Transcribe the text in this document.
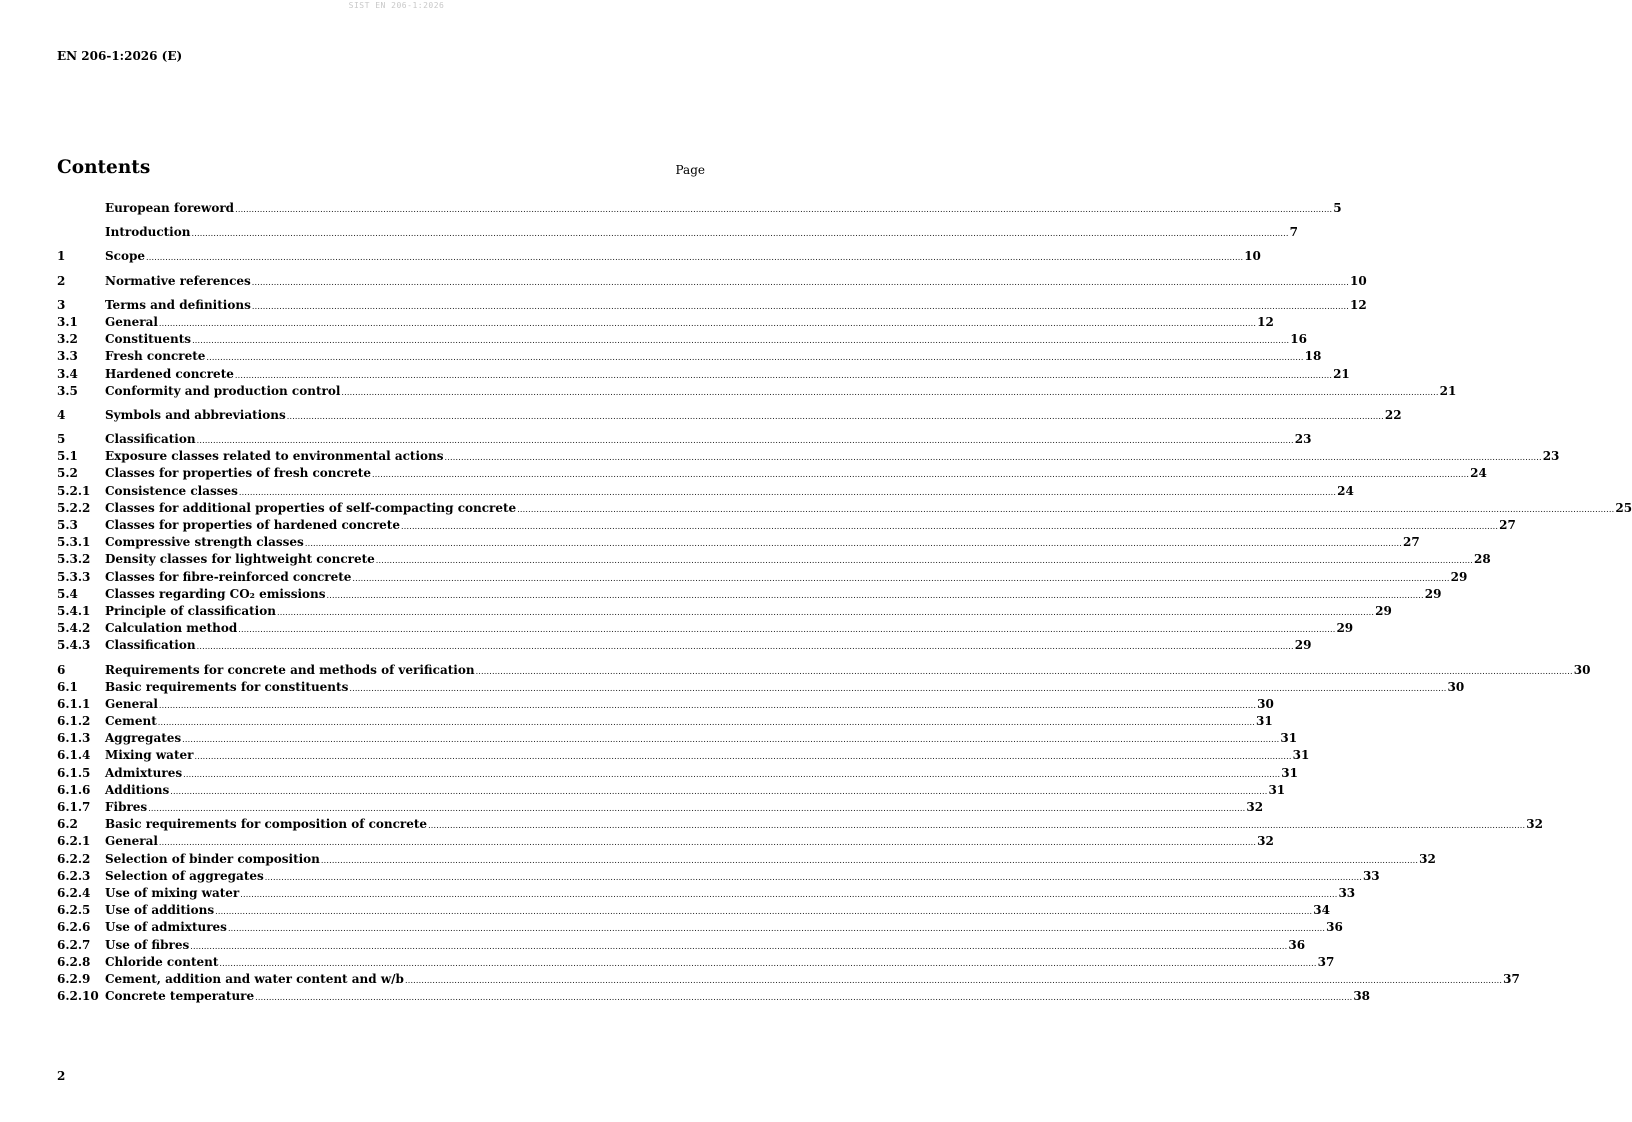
SIST EN 206-1:2026
EN 206-1:2026 (E)
Contents	Page
European foreword ................................................................................................................................................................................................................................................................................................................................................................................................................ 5
Introduction ................................................................................................................................................................................................................................................................................................................................................................................................................ 7
1	Scope ................................................................................................................................................................................................................................................................................................................................................................................................................ 10
2	Normative references ................................................................................................................................................................................................................................................................................................................................................................................................................ 10
3	Terms and definitions ................................................................................................................................................................................................................................................................................................................................................................................................................ 12
3.1	General ................................................................................................................................................................................................................................................................................................................................................................................................................ 12
3.2	Constituents ................................................................................................................................................................................................................................................................................................................................................................................................................ 16
3.3	Fresh concrete ................................................................................................................................................................................................................................................................................................................................................................................................................ 18
3.4	Hardened concrete ................................................................................................................................................................................................................................................................................................................................................................................................................ 21
3.5	Conformity and production control ................................................................................................................................................................................................................................................................................................................................................................................................................ 21
4	Symbols and abbreviations ................................................................................................................................................................................................................................................................................................................................................................................................................ 22
5	Classification ................................................................................................................................................................................................................................................................................................................................................................................................................ 23
5.1	Exposure classes related to environmental actions ................................................................................................................................................................................................................................................................................................................................................................................................................ 23
5.2	Classes for properties of fresh concrete ................................................................................................................................................................................................................................................................................................................................................................................................................ 24
5.2.1	Consistence classes ................................................................................................................................................................................................................................................................................................................................................................................................................ 24
5.2.2	Classes for additional properties of self-compacting concrete ................................................................................................................................................................................................................................................................................................................................................................................................................ 25
5.3	Classes for properties of hardened concrete ................................................................................................................................................................................................................................................................................................................................................................................................................ 27
5.3.1	Compressive strength classes ................................................................................................................................................................................................................................................................................................................................................................................................................ 27
5.3.2	Density classes for lightweight concrete ................................................................................................................................................................................................................................................................................................................................................................................................................ 28
5.3.3	Classes for fibre-reinforced concrete ................................................................................................................................................................................................................................................................................................................................................................................................................ 29
5.4	Classes regarding CO₂ emissions ................................................................................................................................................................................................................................................................................................................................................................................................................ 29
5.4.1	Principle of classification ................................................................................................................................................................................................................................................................................................................................................................................................................ 29
5.4.2	Calculation method ................................................................................................................................................................................................................................................................................................................................................................................................................ 29
5.4.3	Classification ................................................................................................................................................................................................................................................................................................................................................................................................................ 29
6	Requirements for concrete and methods of verification ................................................................................................................................................................................................................................................................................................................................................................................................................ 30
6.1	Basic requirements for constituents ................................................................................................................................................................................................................................................................................................................................................................................................................ 30
6.1.1	General ................................................................................................................................................................................................................................................................................................................................................................................................................ 30
6.1.2	Cement ................................................................................................................................................................................................................................................................................................................................................................................................................ 31
6.1.3	Aggregates ................................................................................................................................................................................................................................................................................................................................................................................................................ 31
6.1.4	Mixing water ................................................................................................................................................................................................................................................................................................................................................................................................................ 31
6.1.5	Admixtures ................................................................................................................................................................................................................................................................................................................................................................................................................ 31
6.1.6	Additions ................................................................................................................................................................................................................................................................................................................................................................................................................ 31
6.1.7	Fibres ................................................................................................................................................................................................................................................................................................................................................................................................................ 32
6.2	Basic requirements for composition of concrete ................................................................................................................................................................................................................................................................................................................................................................................................................ 32
6.2.1	General ................................................................................................................................................................................................................................................................................................................................................................................................................ 32
6.2.2	Selection of binder composition ................................................................................................................................................................................................................................................................................................................................................................................................................ 32
6.2.3	Selection of aggregates ................................................................................................................................................................................................................................................................................................................................................................................................................ 33
6.2.4	Use of mixing water ................................................................................................................................................................................................................................................................................................................................................................................................................ 33
6.2.5	Use of additions ................................................................................................................................................................................................................................................................................................................................................................................................................ 34
6.2.6	Use of admixtures ................................................................................................................................................................................................................................................................................................................................................................................................................ 36
6.2.7	Use of fibres ................................................................................................................................................................................................................................................................................................................................................................................................................ 36
6.2.8	Chloride content ................................................................................................................................................................................................................................................................................................................................................................................................................ 37
6.2.9	Cement, addition and water content and w/b ................................................................................................................................................................................................................................................................................................................................................................................................................ 37
6.2.10 Concrete temperature ................................................................................................................................................................................................................................................................................................................................................................................................................ 38
2
